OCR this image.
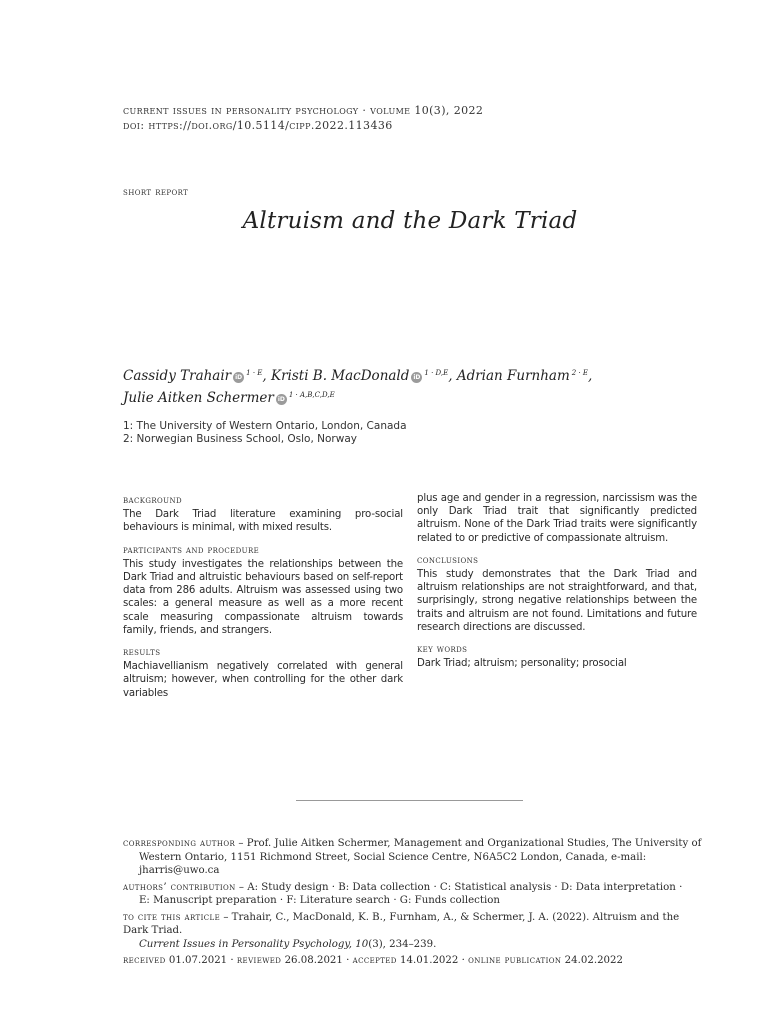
current issues in personality psychology · volume 10(3), 2022
doi: https://doi.org/10.5114/cipp.2022.113436
short report
Altruism and the Dark Triad
Cassidy Trahair $iD^{1 \cdot E}$, Kristi B. MacDonald $iD^{1 \cdot D,E}$, Adrian Furnham $^{2 \cdot E}$,
Julie Aitken Schermer $iD^{1 \cdot A,B,C,D,E}$
1: The University of Western Ontario, London, Canada
2: Norwegian Business School, Oslo, Norway
background
The Dark Triad literature examining pro-social behaviours is minimal, with mixed results.
participants and procedure
This study investigates the relationships between the Dark Triad and altruistic behaviours based on self-report data from 286 adults. Altruism was assessed using two scales: a general measure as well as a more recent scale measuring compassionate altruism towards family, friends, and strangers.
results
Machiavellianism negatively correlated with general altruism; however, when controlling for the other dark variables
plus age and gender in a regression, narcissism was the only Dark Triad trait that significantly predicted altruism. None of the Dark Triad traits were significantly related to or predictive of compassionate altruism.
conclusions
This study demonstrates that the Dark Triad and altruism relationships are not straightforward, and that, surprisingly, strong negative relationships between the traits and altruism are not found. Limitations and future research directions are discussed.
key words
Dark Triad; altruism; personality; prosocial
corresponding author – Prof. Julie Aitken Schermer, Management and Organizational Studies, The University of
Western Ontario, 1151 Richmond Street, Social Science Centre, N6A5C2 London, Canada, e-mail: jharris@uwo.ca
authors’ contribution – A: Study design · B: Data collection · C: Statistical analysis · D: Data interpretation ·
E: Manuscript preparation · F: Literature search · G: Funds collection
to cite this article – Trahair, C., MacDonald, K. B., Furnham, A., & Schermer, J. A. (2022). Altruism and the Dark Triad.
Current Issues in Personality Psychology, 10(3), 234–239.
received 01.07.2021 · reviewed 26.08.2021 · accepted 14.01.2022 · online publication 24.02.2022
